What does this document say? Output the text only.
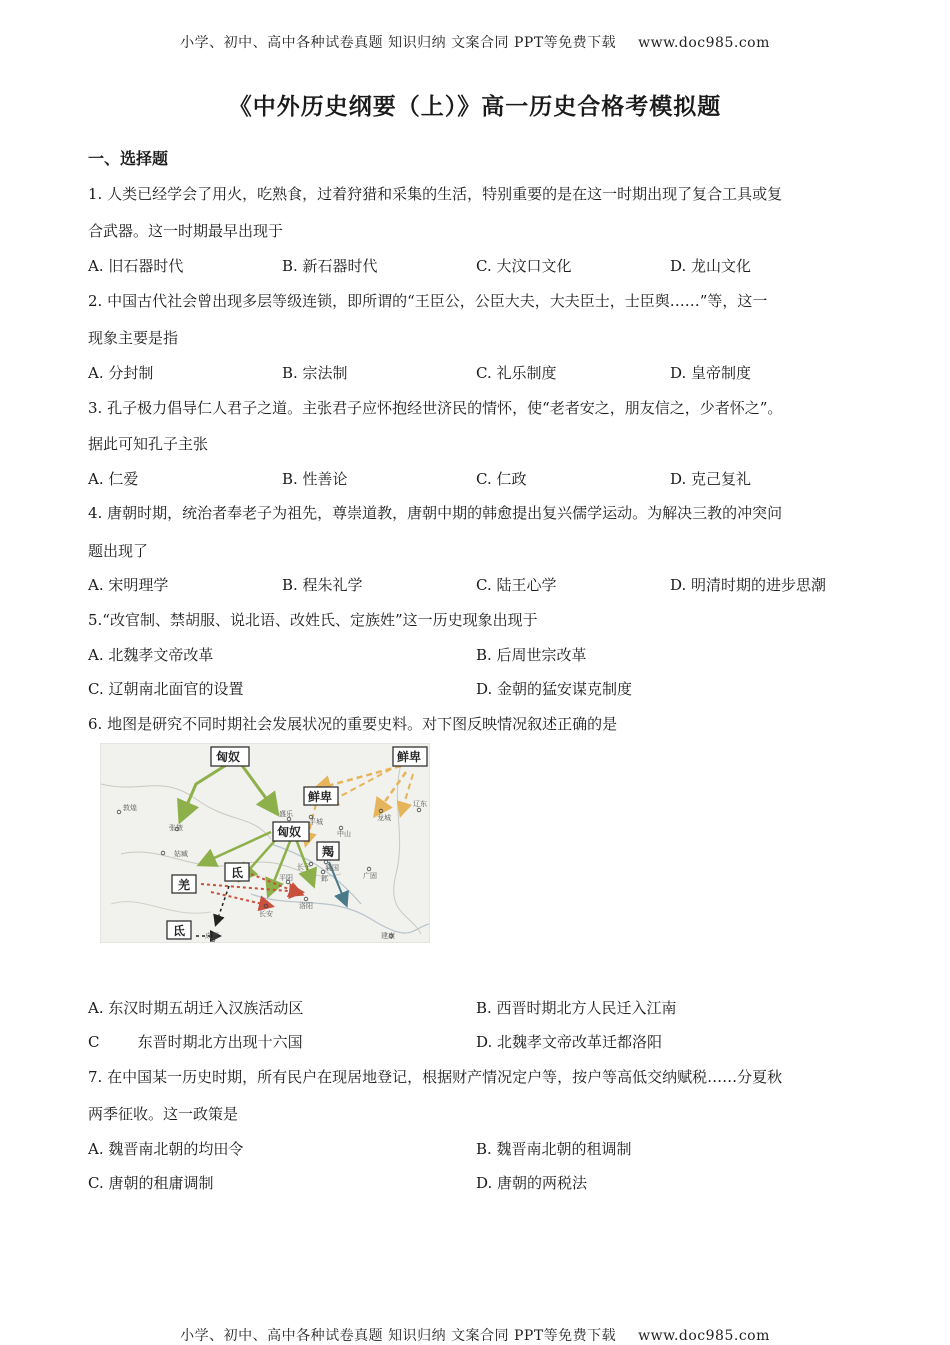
小学、初中、高中各种试卷真题 知识归纳 文案合同 PPT等免费下载 www.doc985.com
《中外历史纲要（上）》高一历史合格考模拟题
一、选择题
1. 人类已经学会了用火，吃熟食，过着狩猎和采集的生活，特别重要的是在这一时期出现了复合工具或复
合武器。这一时期最早出现于
A. 旧石器时代	B. 新石器时代	C. 大汶口文化	D. 龙山文化
2. 中国古代社会曾出现多层等级连锁，即所谓的“王臣公，公臣大夫，大夫臣士，士臣舆……”等，这一
现象主要是指
A. 分封制	B. 宗法制	C. 礼乐制度	D. 皇帝制度
3. 孔子极力倡导仁人君子之道。主张君子应怀抱经世济民的情怀，使“老者安之，朋友信之，少者怀之”。
据此可知孔子主张
A. 仁爱	B. 性善论	C. 仁政	D. 克己复礼
4. 唐朝时期，统治者奉老子为祖先，尊崇道教，唐朝中期的韩愈提出复兴儒学运动。为解决三教的冲突问
题出现了
A. 宋明理学	B. 程朱礼学	C. 陆王心学	D. 明清时期的进步思潮
5.“改官制、禁胡服、说北语、改姓氏、定族姓”这一历史现象出现于
A. 北魏孝文帝改革	B. 后周世宗改革
C. 辽朝南北面官的设置	D. 金朝的猛安谋克制度
6. 地图是研究不同时期社会发展状况的重要史料。对下图反映情况叙述正确的是
敦煌
张掖
姑臧
盛乐
平城
中山
龙城
辽东
长子 襄国
邺	广固
平阳
长安
洛阳
成都	建康
匈奴	鲜卑
鲜卑
匈奴
羯
氐
羌
氐
A. 东汉时期五胡迁入汉族活动区	B. 西晋时期北方人民迁入江南
C        东晋时期北方出现十六国	D. 北魏孝文帝改革迁都洛阳
7. 在中国某一历史时期，所有民户在现居地登记，根据财产情况定户等，按户等高低交纳赋税……分夏秋
两季征收。这一政策是
A. 魏晋南北朝的均田令	B. 魏晋南北朝的租调制
C. 唐朝的租庸调制	D. 唐朝的两税法
小学、初中、高中各种试卷真题 知识归纳 文案合同 PPT等免费下载 www.doc985.com
